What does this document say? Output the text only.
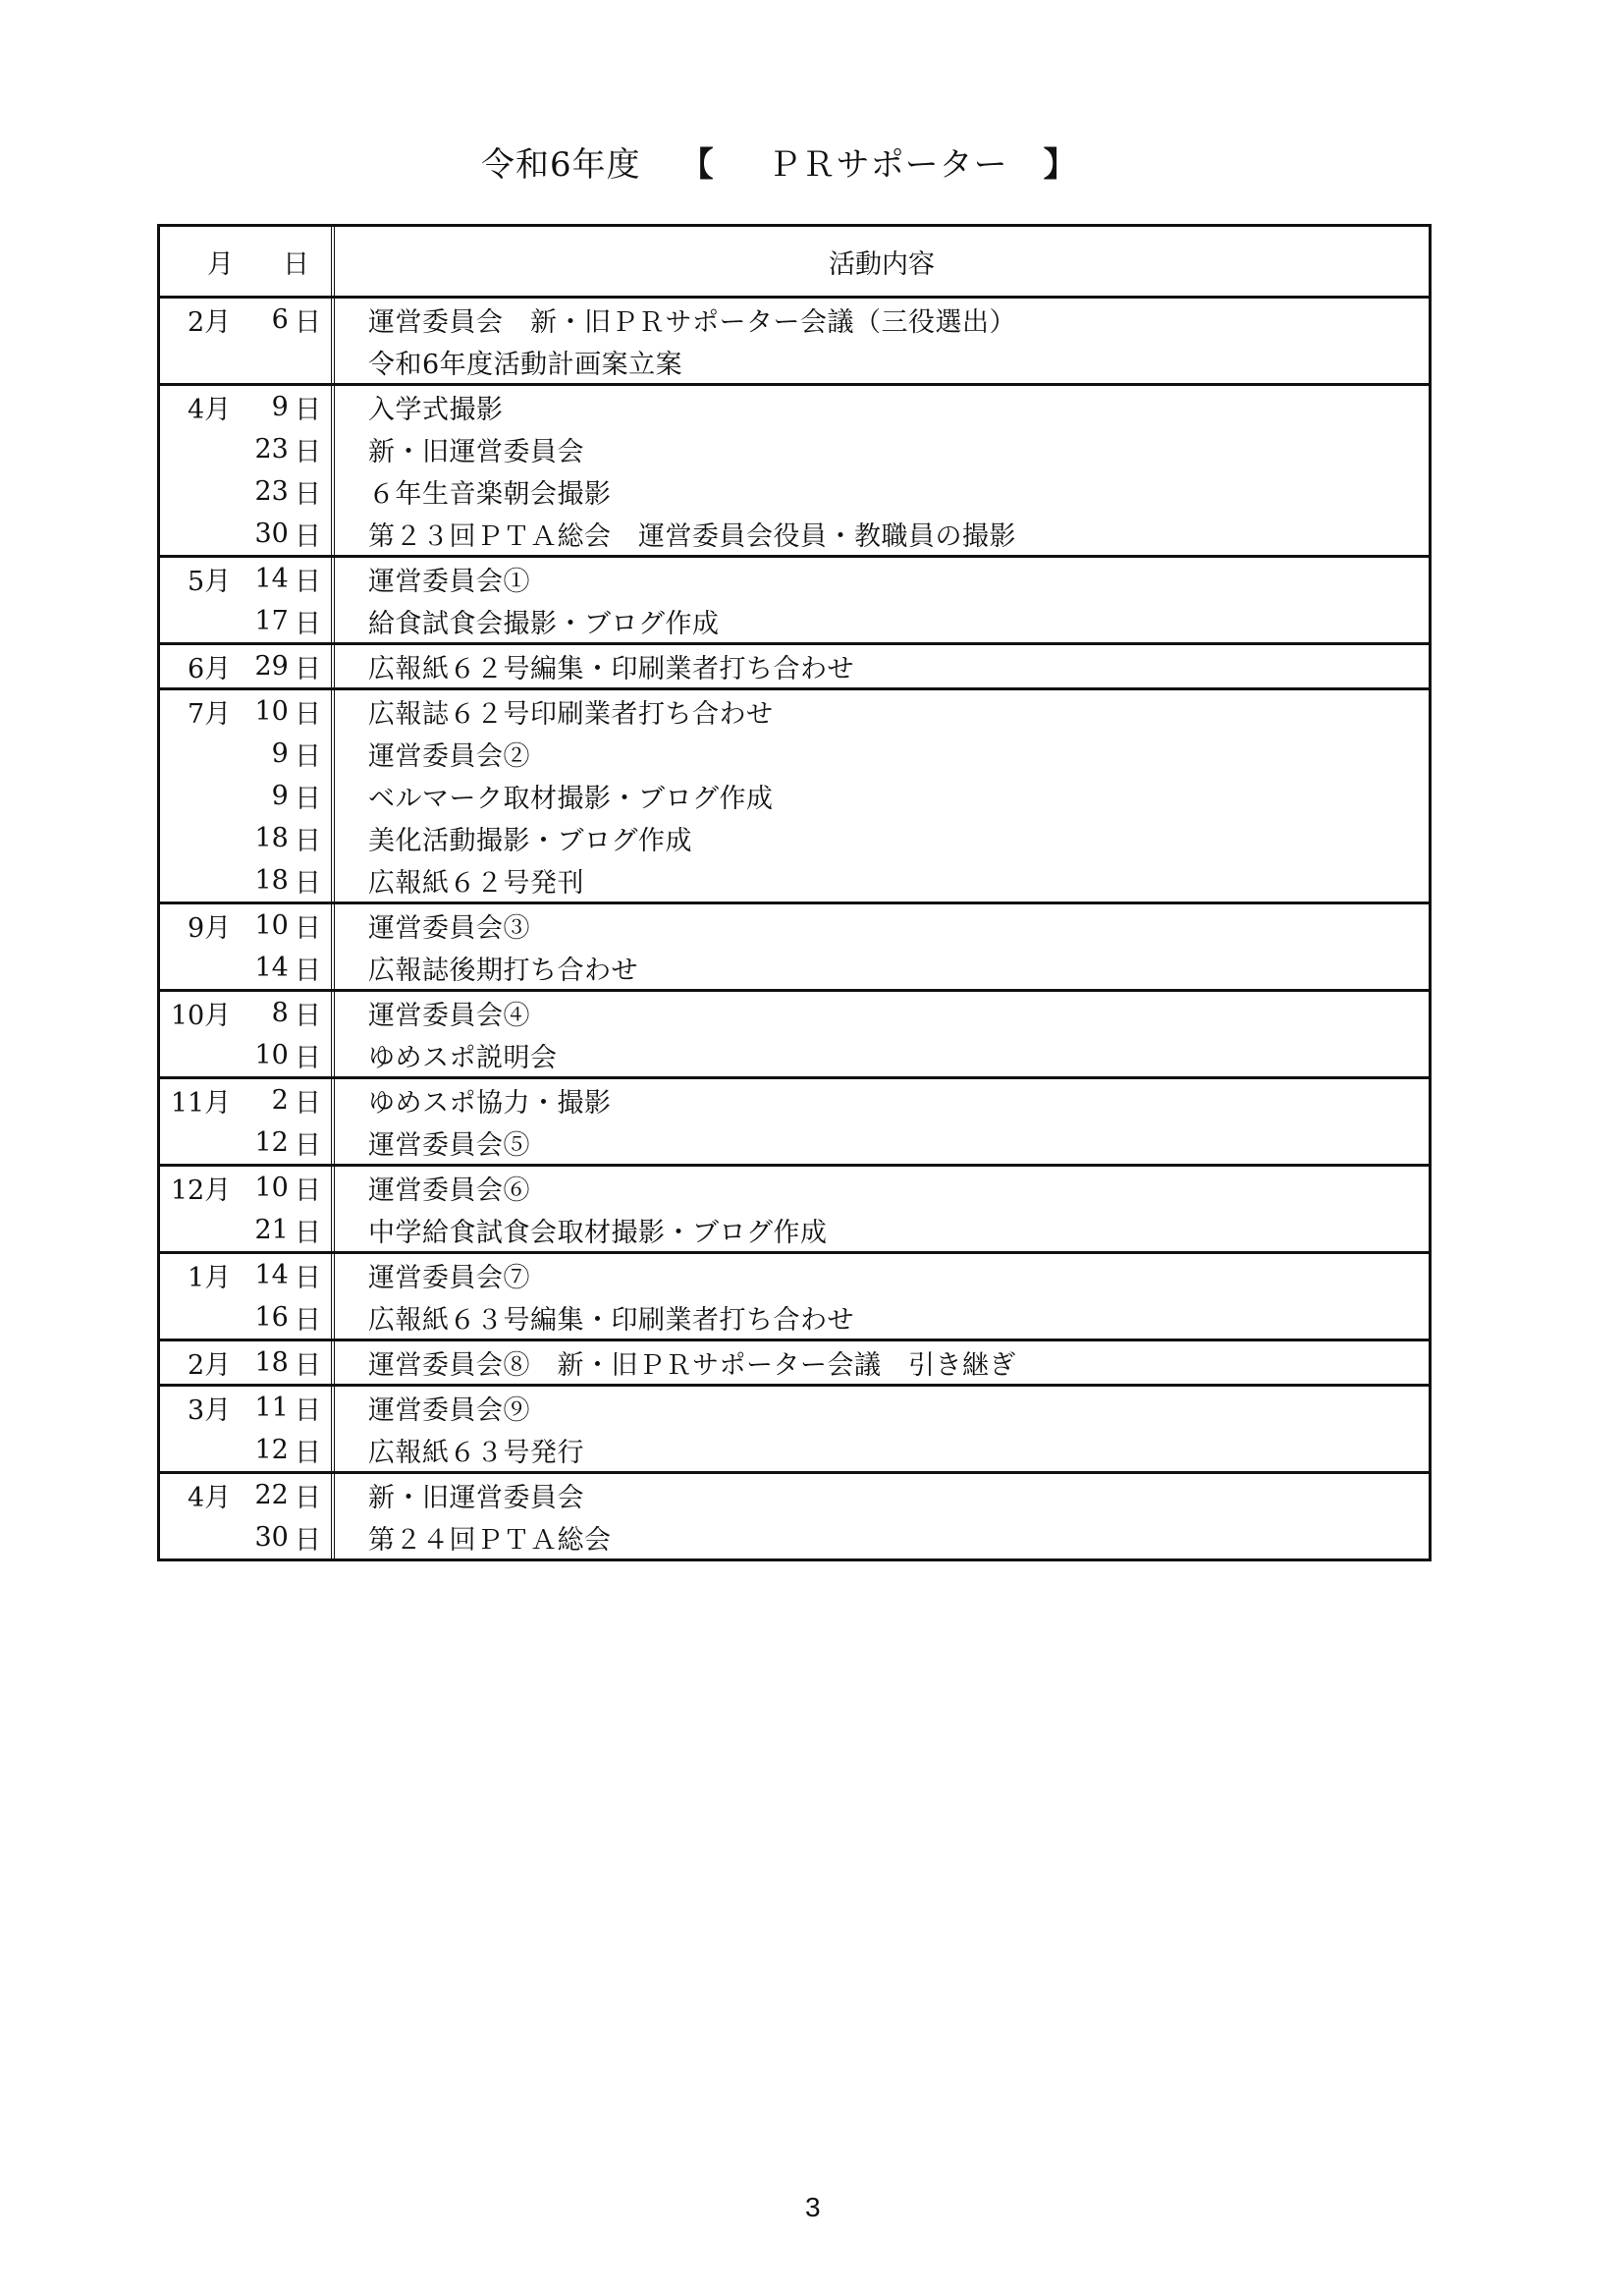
令和6年度 【 ＰＲサポーター 】
月 日	活動内容
2月	6 日 運営委員会　新・旧ＰＲサポーター会議（三役選出）
令和6年度活動計画案立案
4月	9 日 入学式撮影
23 日 新・旧運営委員会
23 日 ６年生音楽朝会撮影
30 日 第２３回ＰＴＡ総会　運営委員会役員・教職員の撮影
5月 14 日 運営委員会①
17 日 給食試食会撮影・ブログ作成
6月 29 日 広報紙６２号編集・印刷業者打ち合わせ
7月 10 日 広報誌６２号印刷業者打ち合わせ
9 日 運営委員会②
9 日 ベルマーク取材撮影・ブログ作成
18 日 美化活動撮影・ブログ作成
18 日 広報紙６２号発刊
9月 10 日 運営委員会③
14 日 広報誌後期打ち合わせ
10月	8 日 運営委員会④
10 日 ゆめスポ説明会
11月	2 日 ゆめスポ協力・撮影
12 日 運営委員会⑤
12月 10 日 運営委員会⑥
21 日 中学給食試食会取材撮影・ブログ作成
1月 14 日 運営委員会⑦
16 日 広報紙６３号編集・印刷業者打ち合わせ
2月 18 日 運営委員会⑧　新・旧ＰＲサポーター会議　引き継ぎ
3月 11 日 運営委員会⑨
12 日 広報紙６３号発行
4月 22 日 新・旧運営委員会
30 日 第２４回ＰＴＡ総会
3
